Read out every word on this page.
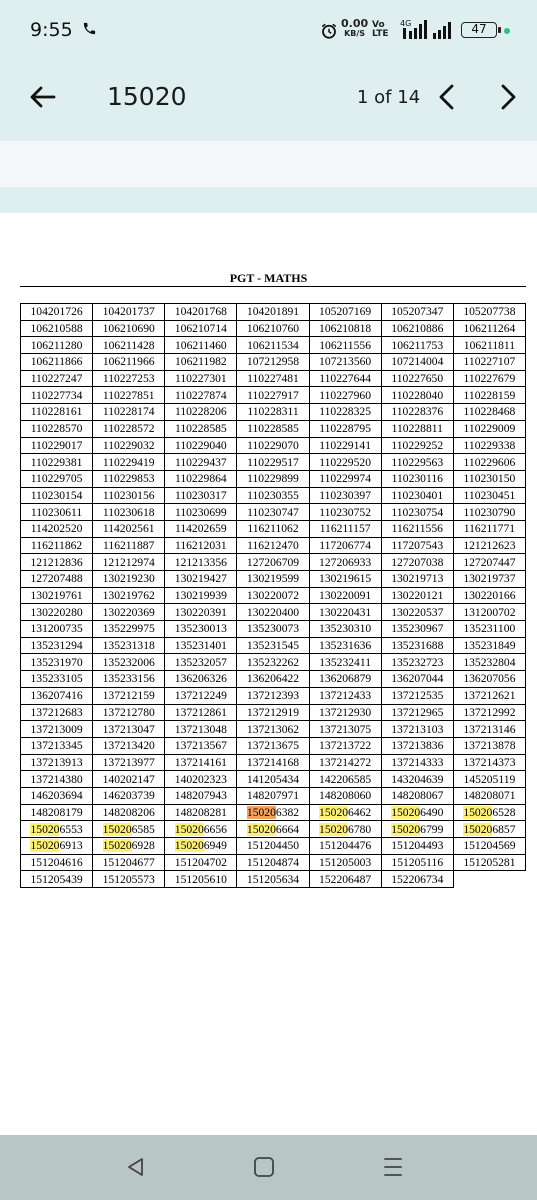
9:55	0.00
KB/S
Vo
LTE
4G	47
15020	1 of 14
PGT - MATHS
104201726	104201737	104201768	104201891	105207169	105207347	105207738
106210588	106210690	106210714	106210760	106210818	106210886	106211264
106211280	106211428	106211460	106211534	106211556	106211753	106211811
106211866	106211966	106211982	107212958	107213560	107214004	110227107
110227247	110227253	110227301	110227481	110227644	110227650	110227679
110227734	110227851	110227874	110227917	110227960	110228040	110228159
110228161	110228174	110228206	110228311	110228325	110228376	110228468
110228570	110228572	110228585	110228585	110228795	110228811	110229009
110229017	110229032	110229040	110229070	110229141	110229252	110229338
110229381	110229419	110229437	110229517	110229520	110229563	110229606
110229705	110229853	110229864	110229899	110229974	110230116	110230150
110230154	110230156	110230317	110230355	110230397	110230401	110230451
110230611	110230618	110230699	110230747	110230752	110230754	110230790
114202520	114202561	114202659	116211062	116211157	116211556	116211771
116211862	116211887	116212031	116212470	117206774	117207543	121212623
121212836	121212974	121213356	127206709	127206933	127207038	127207447
127207488	130219230	130219427	130219599	130219615	130219713	130219737
130219761	130219762	130219939	130220072	130220091	130220121	130220166
130220280	130220369	130220391	130220400	130220431	130220537	131200702
131200735	135229975	135230013	135230073	135230310	135230967	135231100
135231294	135231318	135231401	135231545	135231636	135231688	135231849
135231970	135232006	135232057	135232262	135232411	135232723	135232804
135233105	135233156	136206326	136206422	136206879	136207044	136207056
136207416	137212159	137212249	137212393	137212433	137212535	137212621
137212683	137212780	137212861	137212919	137212930	137212965	137212992
137213009	137213047	137213048	137213062	137213075	137213103	137213146
137213345	137213420	137213567	137213675	137213722	137213836	137213878
137213913	137213977	137214161	137214168	137214272	137214333	137214373
137214380	140202147	140202323	141205434	142206585	143204639	145205119
146203694	146203739	148207943	148207971	148208060	148208067	148208071
148208179	148208206	148208281	150206382	150206462	150206490	150206528
150206553	150206585	150206656	150206664	150206780	150206799	150206857
150206913	150206928	150206949	151204450	151204476	151204493	151204569
151204616	151204677	151204702	151204874	151205003	151205116	151205281
151205439	151205573	151205610	151205634	152206487	152206734	
